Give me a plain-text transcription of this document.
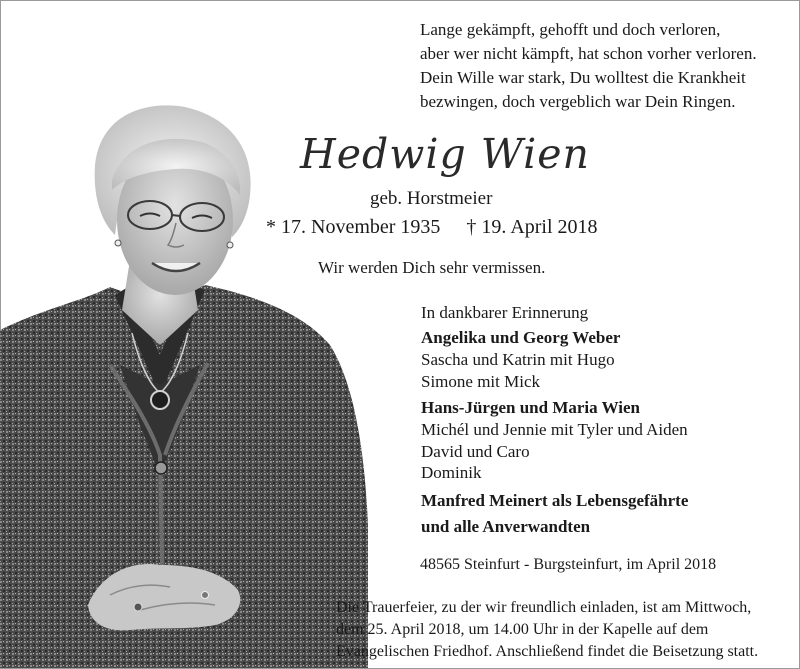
Lange gekämpft, gehofft und doch verloren,
aber wer nicht kämpft, hat schon vorher verloren.
Dein Wille war stark, Du wolltest die Krankheit
bezwingen, doch vergeblich war Dein Ringen.
Hedwig Wien
geb. Horstmeier
* 17. November 1935 † 19. April 2018
Wir werden Dich sehr vermissen.
In dankbarer Erinnerung
Angelika und Georg Weber
Sascha und Katrin mit Hugo
Simone mit Mick
Hans-Jürgen und Maria Wien
Michél und Jennie mit Tyler und Aiden
David und Caro
Dominik
Manfred Meinert als Lebensgefährte
und alle Anverwandten
48565 Steinfurt - Burgsteinfurt, im April 2018
Die Trauerfeier, zu der wir freundlich einladen, ist am Mittwoch,
dem 25. April 2018, um 14.00 Uhr in der Kapelle auf dem
Evangelischen Friedhof. Anschließend findet die Beisetzung statt.
